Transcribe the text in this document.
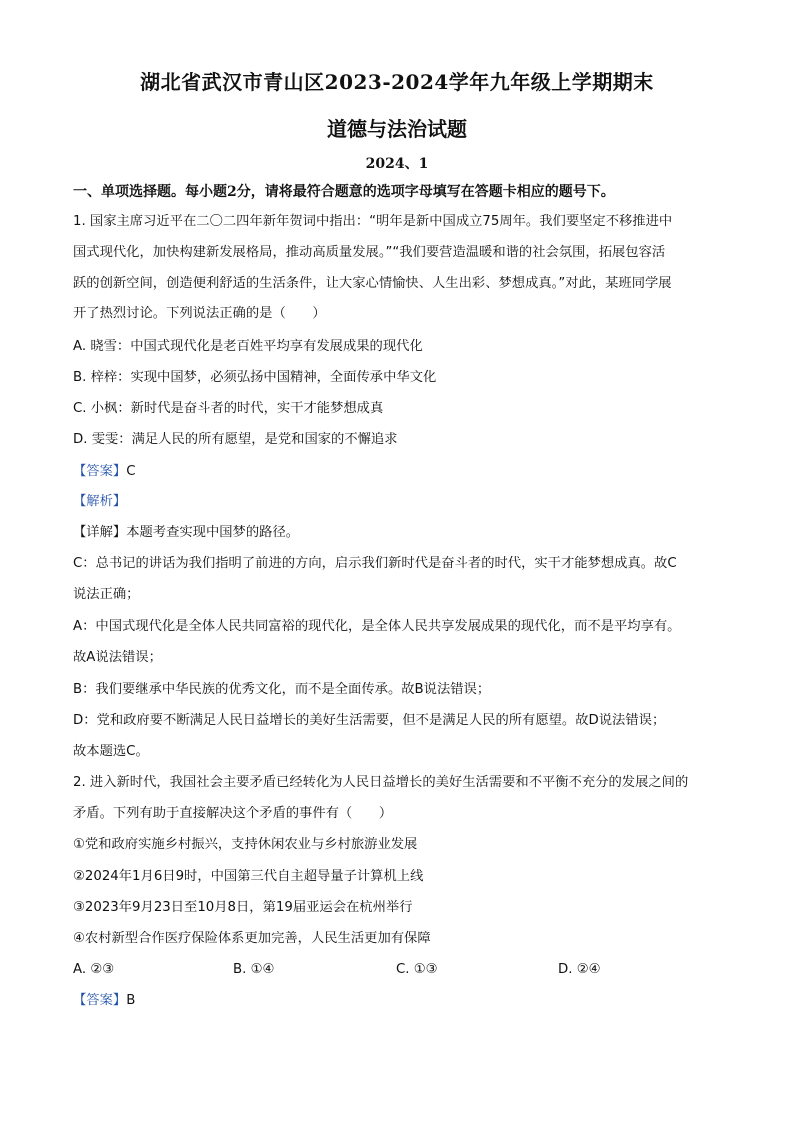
湖北省武汉市青山区2023-2024学年九年级上学期期末
道德与法治试题
2024、1
一、单项选择题。每小题2分，请将最符合题意的选项字母填写在答题卡相应的题号下。
1. 国家主席习近平在二〇二四年新年贺词中指出：“明年是新中国成立75周年。我们要坚定不移推进中
国式现代化，加快构建新发展格局，推动高质量发展。”“我们要营造温暖和谐的社会氛围，拓展包容活
跃的创新空间，创造便利舒适的生活条件，让大家心情愉快、人生出彩、梦想成真。”对此，某班同学展
开了热烈讨论。下列说法正确的是（　　）
A. 晓雪：中国式现代化是老百姓平均享有发展成果的现代化
B. 梓梓：实现中国梦，必须弘扬中国精神，全面传承中华文化
C. 小枫：新时代是奋斗者的时代，实干才能梦想成真
D. 雯雯：满足人民的所有愿望，是党和国家的不懈追求
【答案】C
【解析】
【详解】本题考查实现中国梦的路径。
C：总书记的讲话为我们指明了前进的方向，启示我们新时代是奋斗者的时代，实干才能梦想成真。故C
说法正确；
A：中国式现代化是全体人民共同富裕的现代化，是全体人民共享发展成果的现代化，而不是平均享有。
故A说法错误；
B：我们要继承中华民族的优秀文化，而不是全面传承。故B说法错误；
D：党和政府要不断满足人民日益增长的美好生活需要，但不是满足人民的所有愿望。故D说法错误；
故本题选C。
2. 进入新时代，我国社会主要矛盾已经转化为人民日益增长的美好生活需要和不平衡不充分的发展之间的
矛盾。下列有助于直接解决这个矛盾的事件有（　　）
①党和政府实施乡村振兴，支持休闲农业与乡村旅游业发展
②2024年1月6日9时，中国第三代自主超导量子计算机上线
③2023年9月23日至10月8日，第19届亚运会在杭州举行
④农村新型合作医疗保险体系更加完善，人民生活更加有保障
A. ②③	B. ①④	C. ①③	D. ②④
【答案】B
